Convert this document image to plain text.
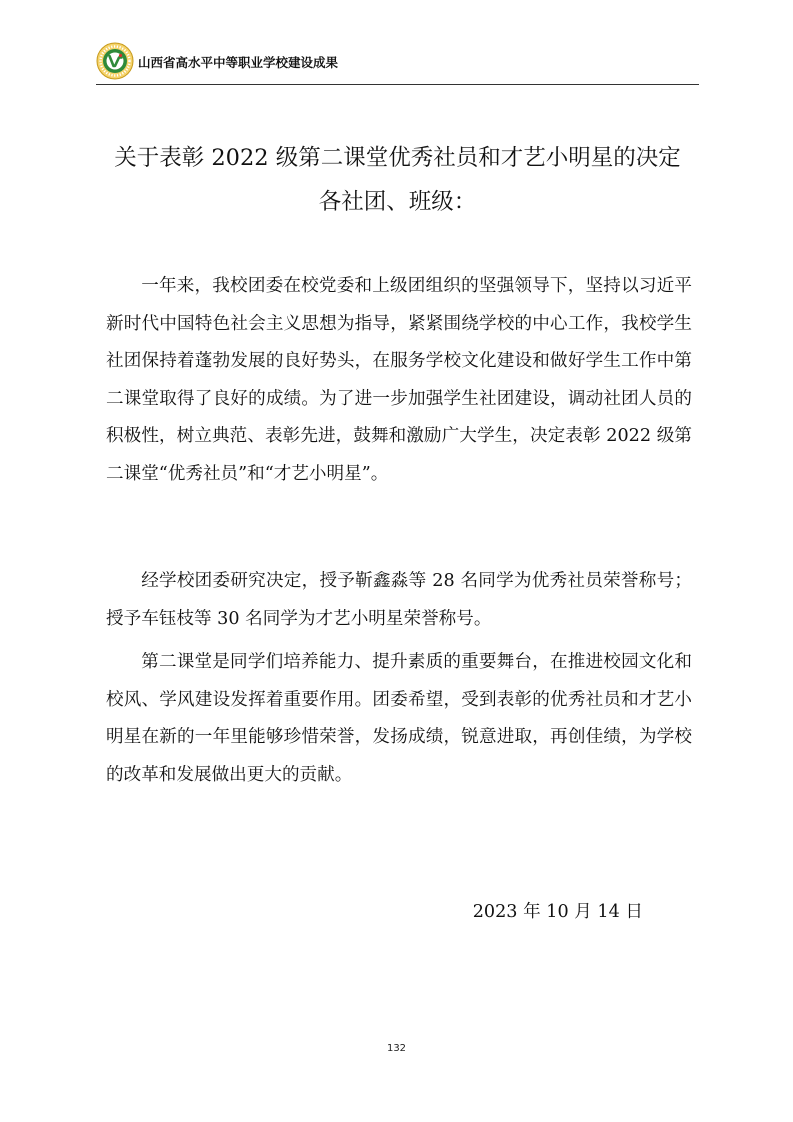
山西省高水平中等职业学校建设成果
关于表彰 2022 级第二课堂优秀社员和才艺小明星的决定
各社团、班级：

一年来，我校团委在校党委和上级团组织的坚强领导下，坚持以习近平新时代中国特色社会主义思想为指导，紧紧围绕学校的中心工作，我校学生社团保持着蓬勃发展的良好势头，在服务学校文化建设和做好学生工作中第二课堂取得了良好的成绩。为了进一步加强学生社团建设，调动社团人员的积极性，树立典范、表彰先进，鼓舞和激励广大学生，决定表彰 2022 级第二课堂“优秀社员”和“才艺小明星”。

经学校团委研究决定，授予靳鑫淼等 28 名同学为优秀社员荣誉称号；授予车钰枝等 30 名同学为才艺小明星荣誉称号。

第二课堂是同学们培养能力、提升素质的重要舞台，在推进校园文化和校风、学风建设发挥着重要作用。团委希望，受到表彰的优秀社员和才艺小明星在新的一年里能够珍惜荣誉，发扬成绩，锐意进取，再创佳绩，为学校的改革和发展做出更大的贡献。

2023 年 10 月 14 日
132
